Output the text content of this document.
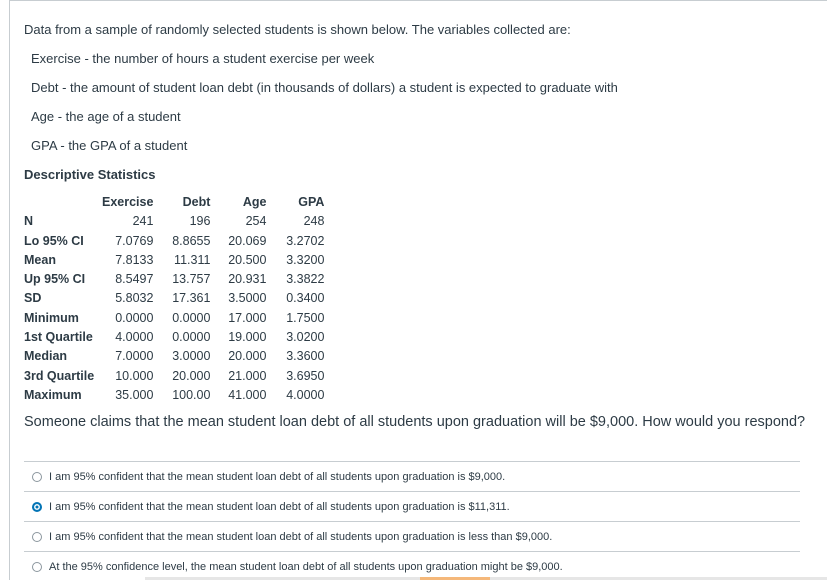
Data from a sample of randomly selected students is shown below. The variables collected are:
Exercise - the number of hours a student exercise per week
Debt - the amount of student loan debt (in thousands of dollars) a student is expected to graduate with
Age - the age of a student
GPA - the GPA of a student
Descriptive Statistics
	Exercise	Debt	Age	GPA
N	241	196	254	248
Lo 95% CI	7.0769	8.8655	20.069	3.2702
Mean	7.8133	11.311	20.500	3.3200
Up 95% CI	8.5497	13.757	20.931	3.3822
SD	5.8032	17.361	3.5000	0.3400
Minimum	0.0000	0.0000	17.000	1.7500
1st Quartile	4.0000	0.0000	19.000	3.0200
Median	7.0000	3.0000	20.000	3.3600
3rd Quartile	10.000	20.000	21.000	3.6950
Maximum	35.000	100.00	41.000	4.0000
Someone claims that the mean student loan debt of all students upon graduation will be $9,000. How would you respond?
I am 95% confident that the mean student loan debt of all students upon graduation is $9,000.
I am 95% confident that the mean student loan debt of all students upon graduation is $11,311.
I am 95% confident that the mean student loan debt of all students upon graduation is less than $9,000.
At the 95% confidence level, the mean student loan debt of all students upon graduation might be $9,000.
